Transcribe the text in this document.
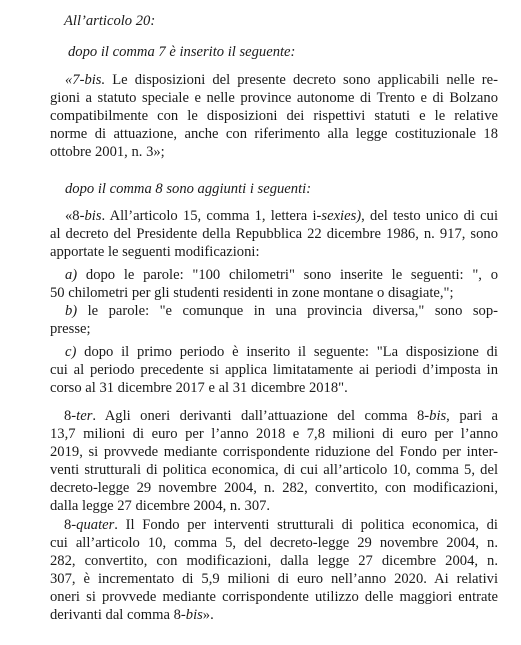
All’articolo 20:
dopo il comma 7 è inserito il seguente:
«7-bis. Le disposizioni del presente decreto sono applicabili nelle re-
gioni a statuto speciale e nelle province autonome di Trento e di Bolzano
compatibilmente con le disposizioni dei rispettivi statuti e le relative
norme di attuazione, anche con riferimento alla legge costituzionale 18
ottobre 2001, n. 3»;
dopo il comma 8 sono aggiunti i seguenti:
«8-bis. All’articolo 15, comma 1, lettera i-sexies), del testo unico di cui
al decreto del Presidente della Repubblica 22 dicembre 1986, n. 917, sono
apportate le seguenti modificazioni:
a) dopo le parole: "100 chilometri" sono inserite le seguenti: ", o
50 chilometri per gli studenti residenti in zone montane o disagiate,";
b) le parole: "e comunque in una provincia diversa," sono sop-
presse;
c) dopo il primo periodo è inserito il seguente: "La disposizione di
cui al periodo precedente si applica limitatamente ai periodi d’imposta in
corso al 31 dicembre 2017 e al 31 dicembre 2018".
8-ter. Agli oneri derivanti dall’attuazione del comma 8-bis, pari a
13,7 milioni di euro per l’anno 2018 e 7,8 milioni di euro per l’anno
2019, si provvede mediante corrispondente riduzione del Fondo per inter-
venti strutturali di politica economica, di cui all’articolo 10, comma 5, del
decreto-legge 29 novembre 2004, n. 282, convertito, con modificazioni,
dalla legge 27 dicembre 2004, n. 307.
8-quater. Il Fondo per interventi strutturali di politica economica, di
cui all’articolo 10, comma 5, del decreto-legge 29 novembre 2004, n.
282, convertito, con modificazioni, dalla legge 27 dicembre 2004, n.
307, è incrementato di 5,9 milioni di euro nell’anno 2020. Ai relativi
oneri si provvede mediante corrispondente utilizzo delle maggiori entrate
derivanti dal comma 8-bis».
